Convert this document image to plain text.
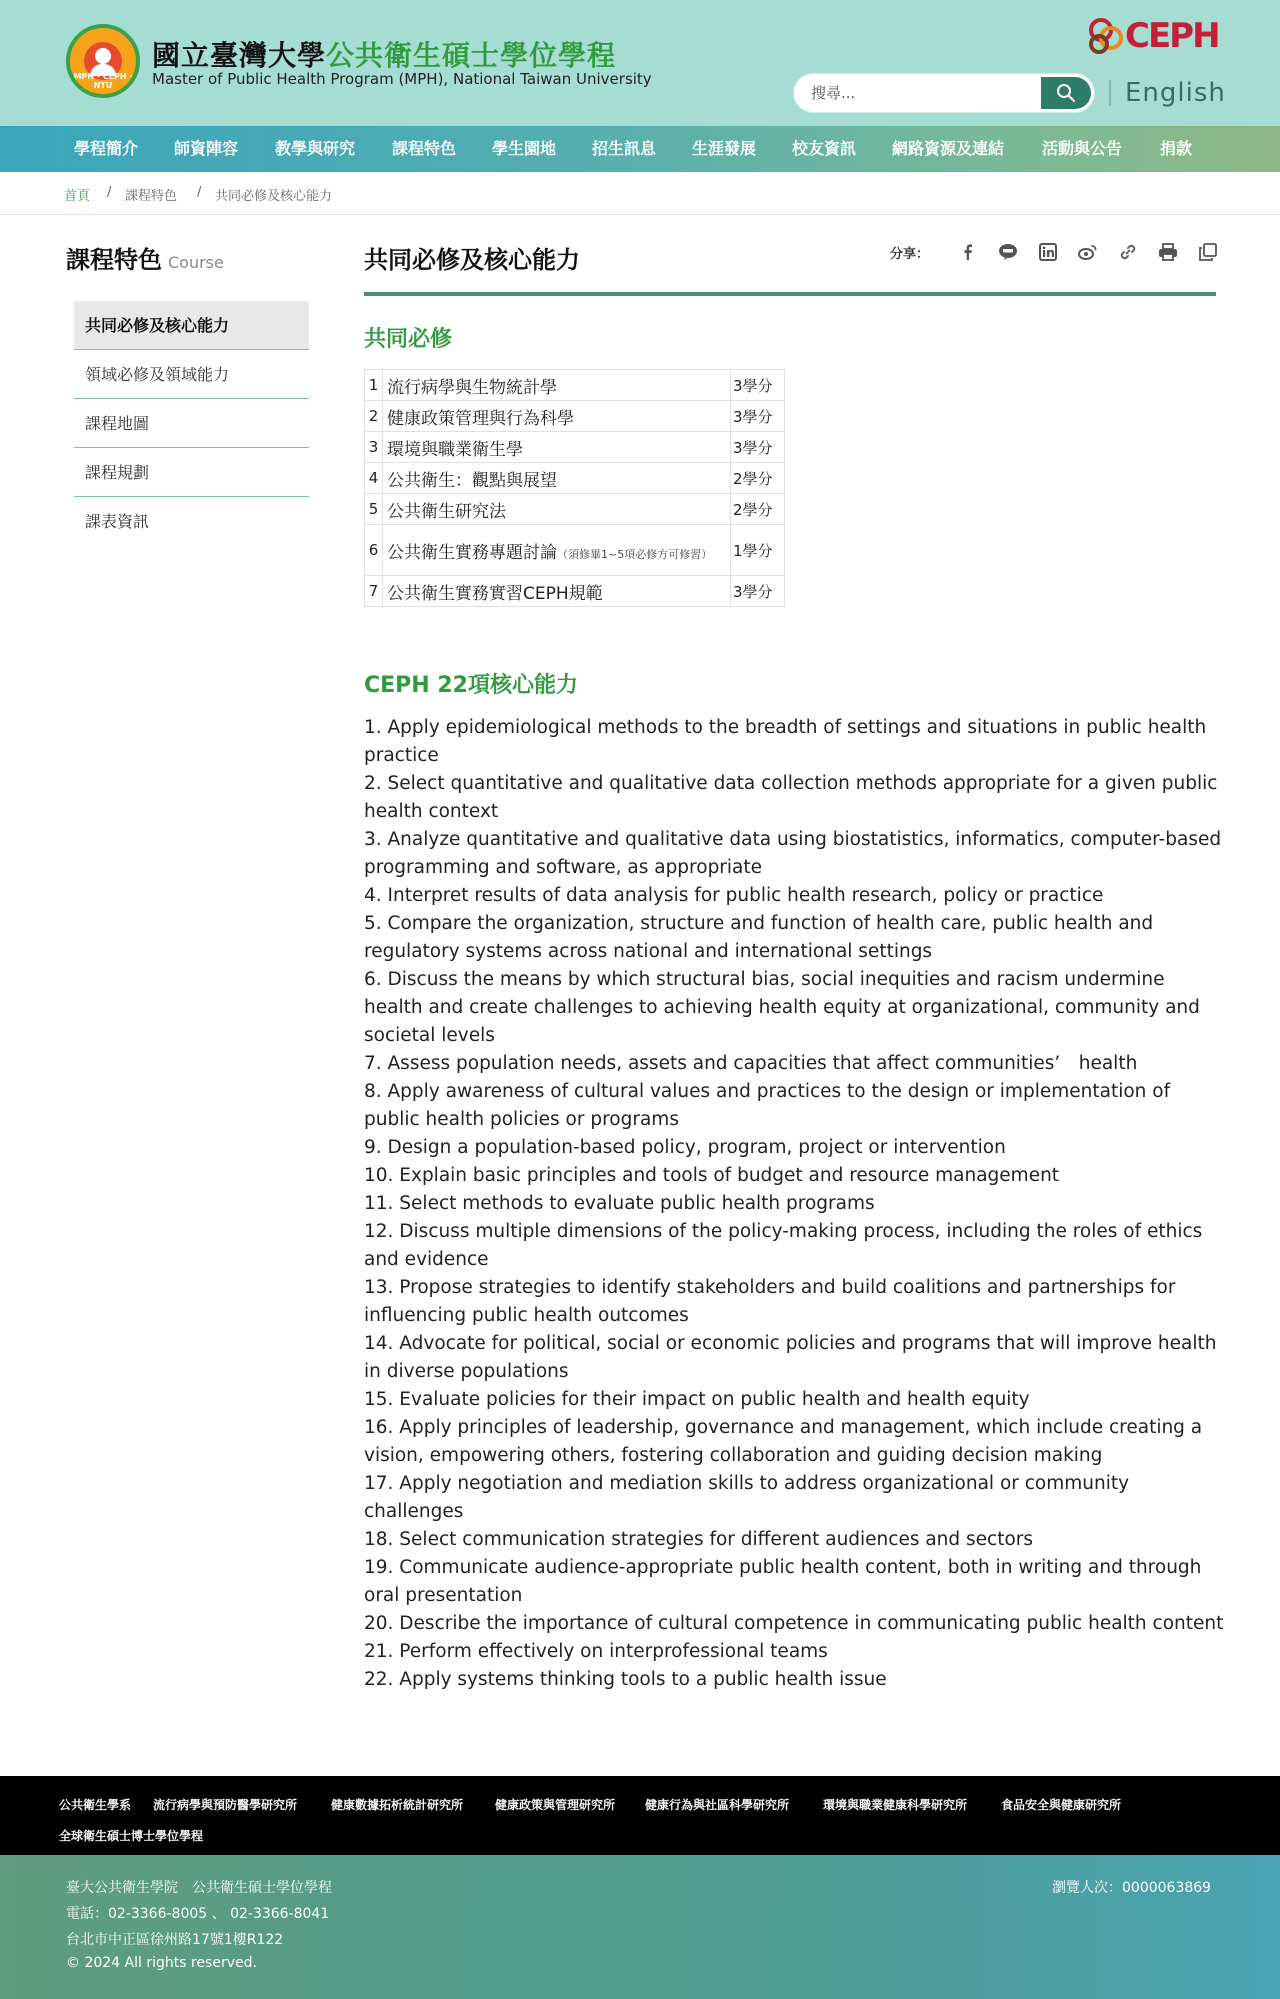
MPH · CEPH · NTU
國立臺灣大學公共衛生碩士學位學程
Master of Public Health Program (MPH), National Taiwan University
CEPH
搜尋...
English
學程簡介 師資陣容 教學與研究 課程特色 學生園地 招生訊息 生涯發展 校友資訊 網路資源及連結 活動與公告 捐款
首頁 / 課程特色 / 共同必修及核心能力
課程特色 Course
共同必修及核心能力
領域必修及領域能力
課程地圖
課程規劃
課表資訊
共同必修及核心能力	分享：
共同必修
1	流行病學與生物統計學	3學分
2	健康政策管理與行為科學	3學分
3	環境與職業衛生學	3學分
4	公共衛生：觀點與展望	2學分
5	公共衛生研究法	2學分
6	公共衛生實務專題討論（須修畢1~5項必修方可修習）	1學分
7	公共衛生實務實習CEPH規範	3學分
CEPH 22項核心能力
1. Apply epidemiological methods to the breadth of settings and situations in public health practice
2. Select quantitative and qualitative data collection methods appropriate for a given public health context
3. Analyze quantitative and qualitative data using biostatistics, informatics, computer-based programming and software, as appropriate
4. Interpret results of data analysis for public health research, policy or practice
5. Compare the organization, structure and function of health care, public health and regulatory systems across national and international settings
6. Discuss the means by which structural bias, social inequities and racism undermine health and create challenges to achieving health equity at organizational, community and societal levels
7. Assess population needs, assets and capacities that affect communities’　health
8. Apply awareness of cultural values and practices to the design or implementation of public health policies or programs
9. Design a population-based policy, program, project or intervention
10. Explain basic principles and tools of budget and resource management
11. Select methods to evaluate public health programs
12. Discuss multiple dimensions of the policy-making process, including the roles of ethics and evidence
13. Propose strategies to identify stakeholders and build coalitions and partnerships for influencing public health outcomes
14. Advocate for political, social or economic policies and programs that will improve health in diverse populations
15. Evaluate policies for their impact on public health and health equity
16. Apply principles of leadership, governance and management, which include creating a vision, empowering others, fostering collaboration and guiding decision making
17. Apply negotiation and mediation skills to address organizational or community challenges
18. Select communication strategies for different audiences and sectors
19. Communicate audience-appropriate public health content, both in writing and through oral presentation
20. Describe the importance of cultural competence in communicating public health content
21. Perform effectively on interprofessional teams
22. Apply systems thinking tools to a public health issue
公共衛生學系 流行病學與預防醫學研究所	健康數據拓析統計研究所	健康政策與管理研究所 健康行為與社區科學研究所	環境與職業健康科學研究所	食品安全與健康研究所
全球衛生碩士博士學位學程
臺大公共衛生學院　公共衛生碩士學位學程
電話：02-3366-8005 、 02-3366-8041
台北市中正區徐州路17號1樓R122
© 2024 All rights reserved.
瀏覽人次：0000063869
